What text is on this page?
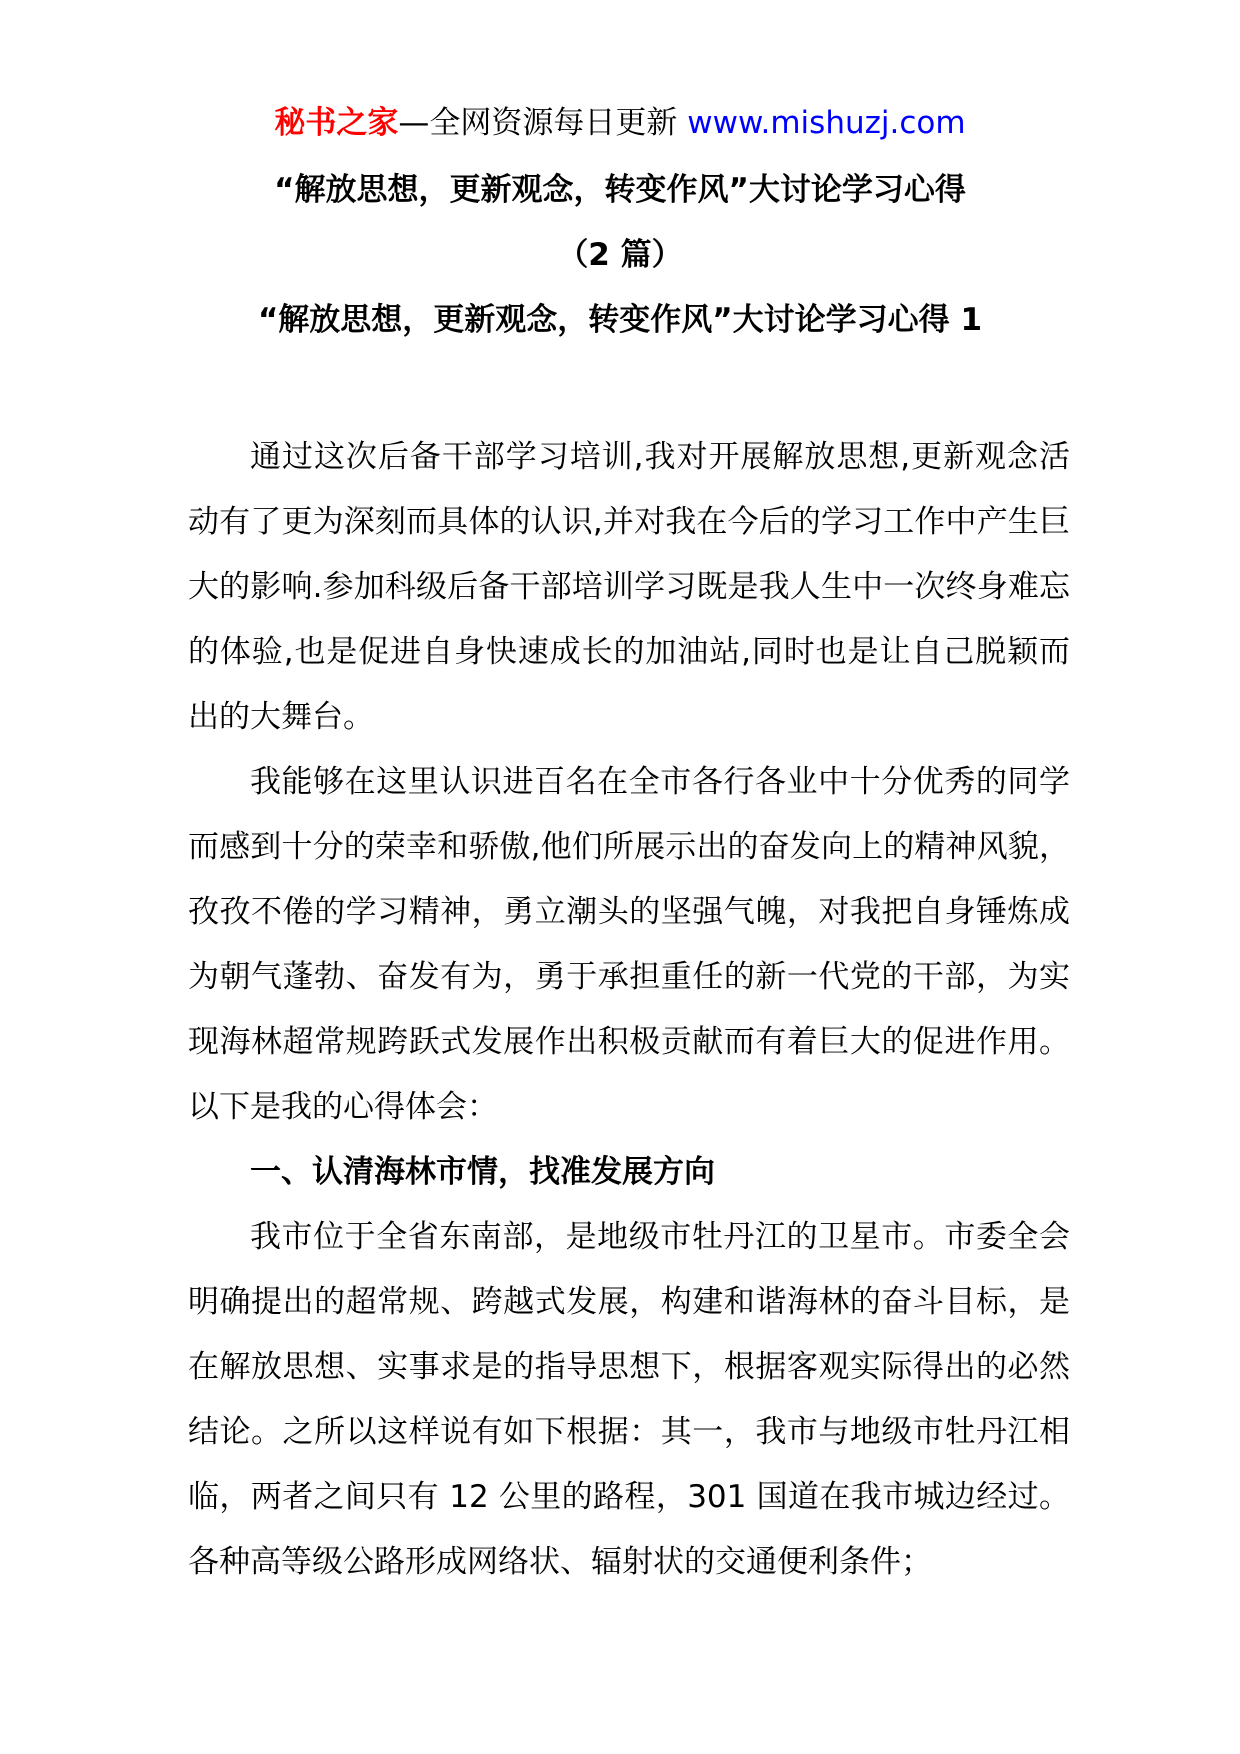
秘书之家—全网资源每日更新 www.mishuzj.com
“解放思想，更新观念，转变作风”大讨论学习心得
（2 篇）
“解放思想，更新观念，转变作风”大讨论学习心得 1

通过这次后备干部学习培训,我对开展解放思想,更新观念活动有了更为深刻而具体的认识,并对我在今后的学习工作中产生巨大的影响.参加科级后备干部培训学习既是我人生中一次终身难忘的体验,也是促进自身快速成长的加油站,同时也是让自己脱颖而出的大舞台。

我能够在这里认识进百名在全市各行各业中十分优秀的同学而感到十分的荣幸和骄傲,他们所展示出的奋发向上的精神风貌，孜孜不倦的学习精神，勇立潮头的坚强气魄，对我把自身锤炼成为朝气蓬勃、奋发有为，勇于承担重任的新一代党的干部，为实现海林超常规跨跃式发展作出积极贡献而有着巨大的促进作用。以下是我的心得体会：

一、认清海林市情，找准发展方向

我市位于全省东南部，是地级市牡丹江的卫星市。市委全会明确提出的超常规、跨越式发展，构建和谐海林的奋斗目标，是在解放思想、实事求是的指导思想下，根据客观实际得出的必然结论。之所以这样说有如下根据：其一，我市与地级市牡丹江相临，两者之间只有 12 公里的路程，301 国道在我市城边经过。各种高等级公路形成网络状、辐射状的交通便利条件；
